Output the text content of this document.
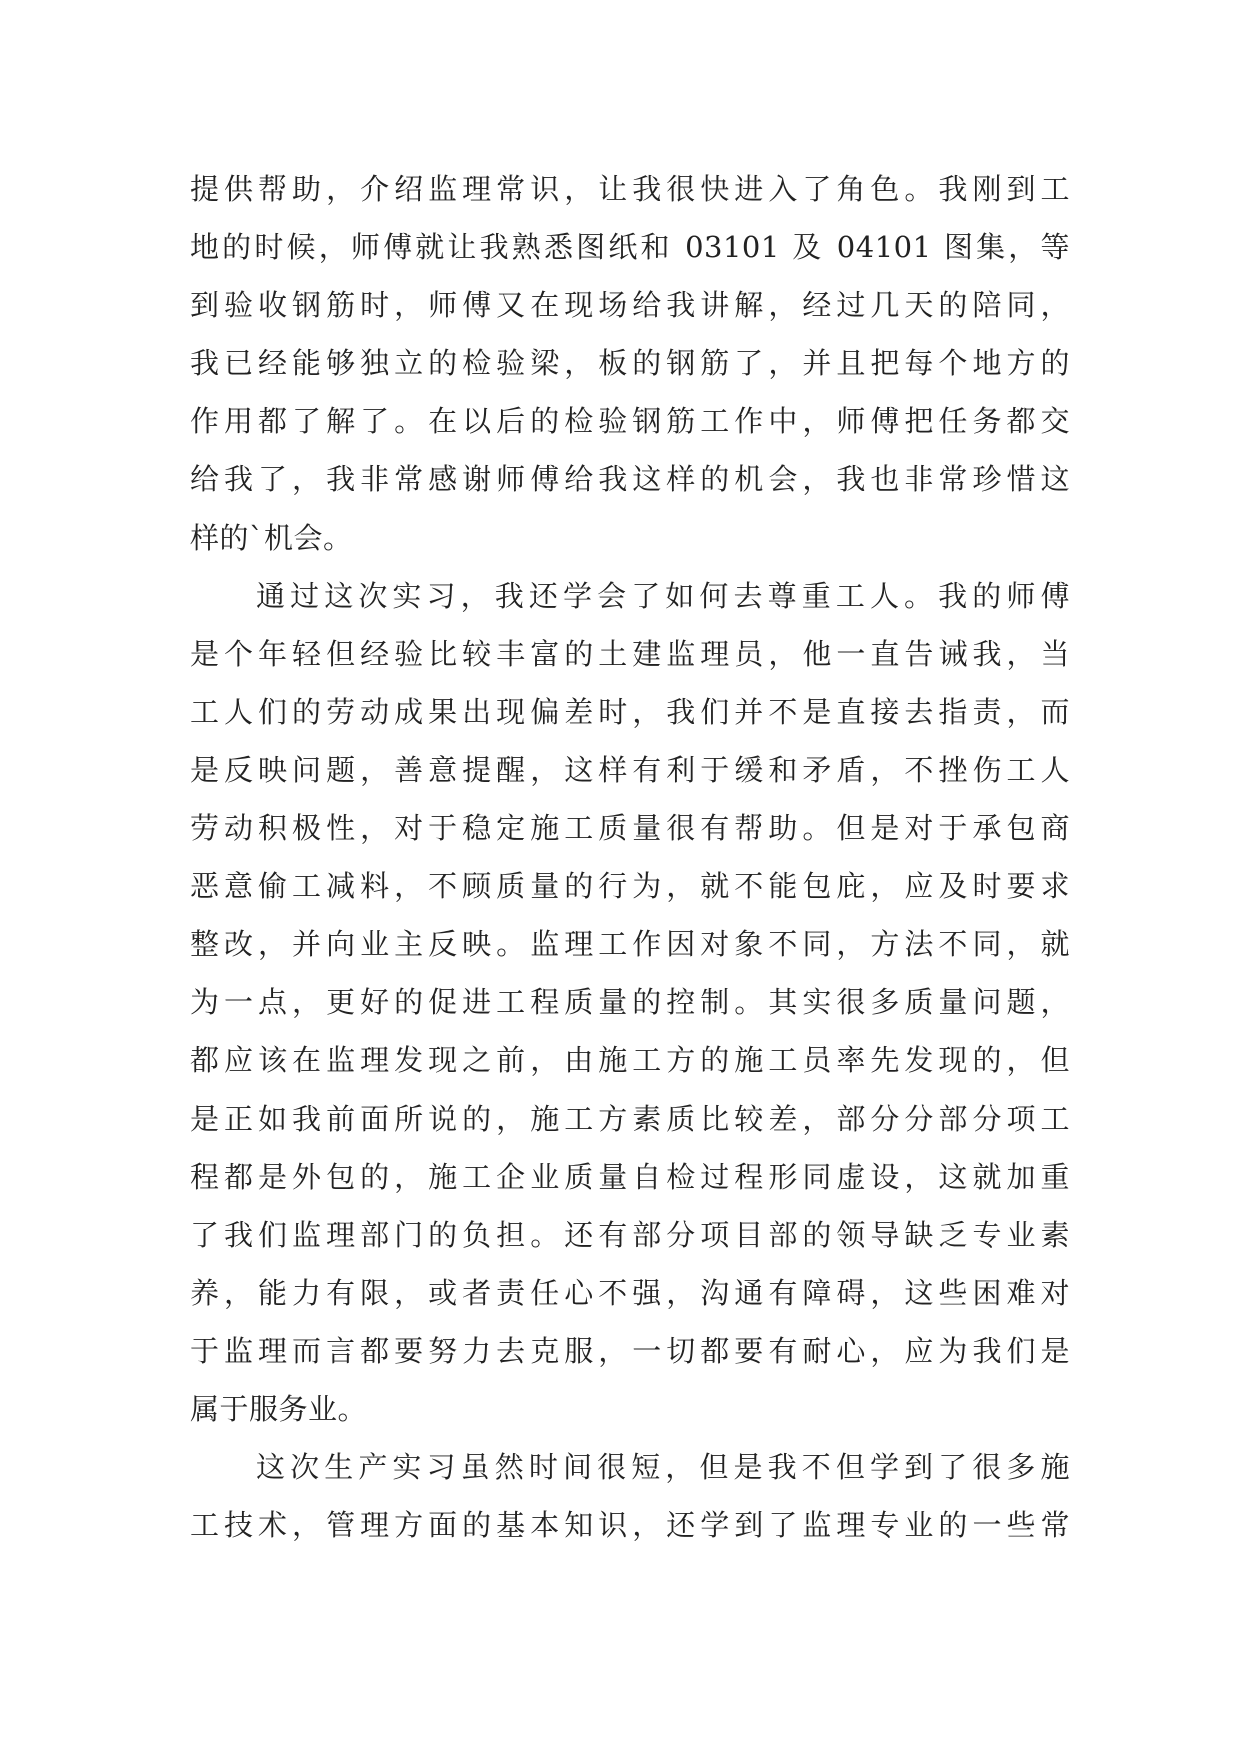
提供帮助，介绍监理常识，让我很快进入了角色。我刚到工
地的时候，师傅就让我熟悉图纸和 03101 及 04101 图集，等
到验收钢筋时，师傅又在现场给我讲解，经过几天的陪同，
我已经能够独立的检验梁，板的钢筋了，并且把每个地方的
作用都了解了。在以后的检验钢筋工作中，师傅把任务都交
给我了，我非常感谢师傅给我这样的机会，我也非常珍惜这
样的`机会。
通过这次实习，我还学会了如何去尊重工人。我的师傅
是个年轻但经验比较丰富的土建监理员，他一直告诫我，当
工人们的劳动成果出现偏差时，我们并不是直接去指责，而
是反映问题，善意提醒，这样有利于缓和矛盾，不挫伤工人
劳动积极性，对于稳定施工质量很有帮助。但是对于承包商
恶意偷工减料，不顾质量的行为，就不能包庇，应及时要求
整改，并向业主反映。监理工作因对象不同，方法不同，就
为一点，更好的促进工程质量的控制。其实很多质量问题，
都应该在监理发现之前，由施工方的施工员率先发现的，但
是正如我前面所说的，施工方素质比较差，部分分部分项工
程都是外包的，施工企业质量自检过程形同虚设，这就加重
了我们监理部门的负担。还有部分项目部的领导缺乏专业素
养，能力有限，或者责任心不强，沟通有障碍，这些困难对
于监理而言都要努力去克服，一切都要有耐心，应为我们是
属于服务业。
这次生产实习虽然时间很短，但是我不但学到了很多施
工技术，管理方面的基本知识，还学到了监理专业的一些常
